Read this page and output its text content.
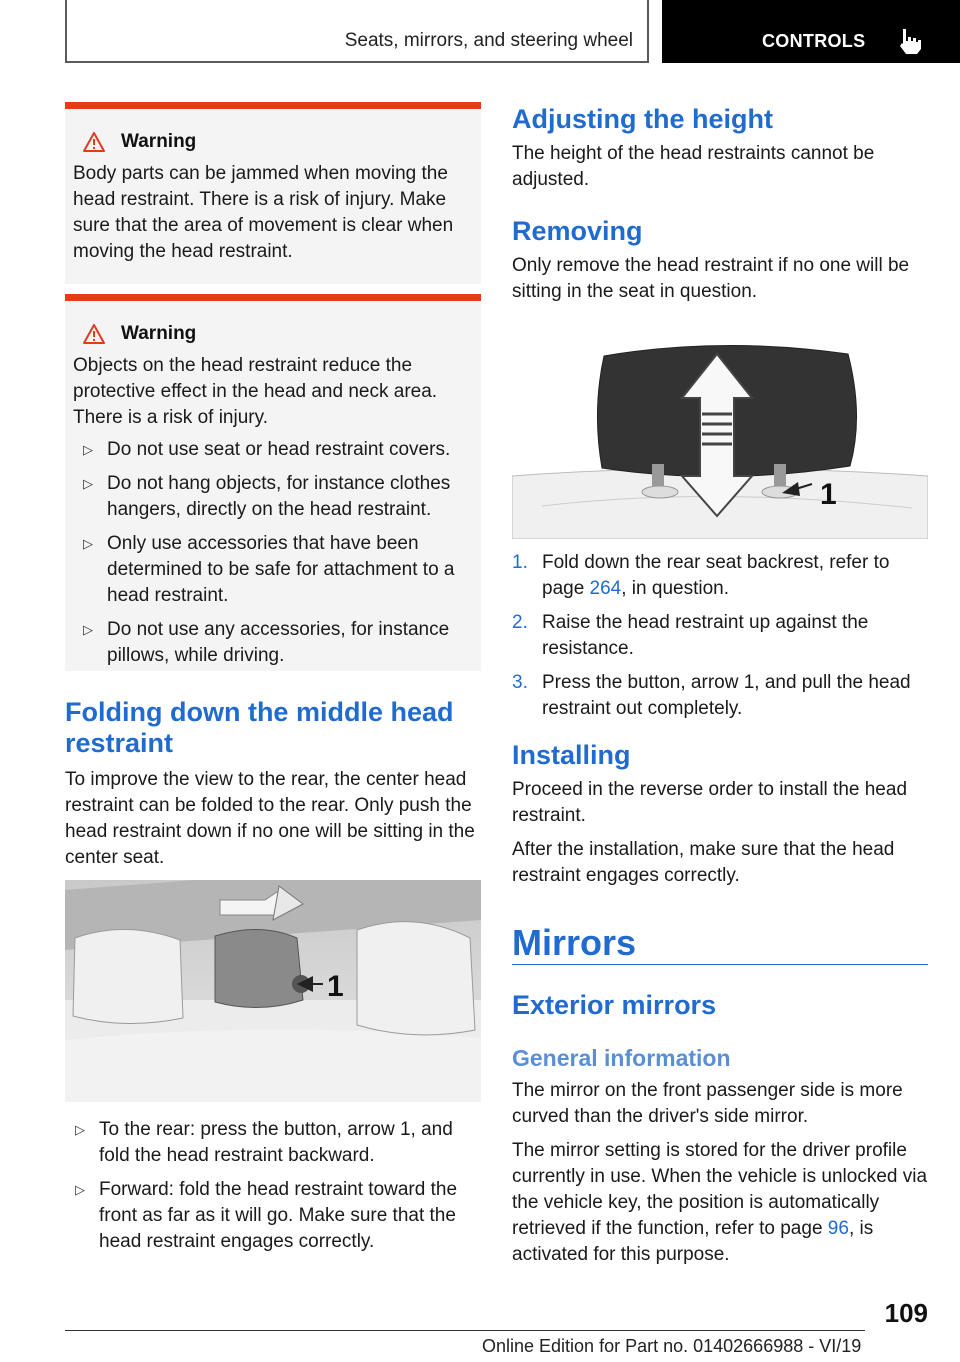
Seats, mirrors, and steering wheel	CONTROLS
Warning

Body parts can be jammed when moving the head restraint. There is a risk of injury. Make sure that the area of movement is clear when moving the head restraint.

Warning

Objects on the head restraint reduce the protective effect in the head and neck area. There is a risk of injury.

▷ Do not use seat or head restraint covers.
▷ Do not hang objects, for instance clothes hangers, directly on the head restraint.
▷ Only use accessories that have been determined to be safe for attachment to a head restraint.
▷ Do not use any accessories, for instance pillows, while driving.
Folding down the middle head restraint

To improve the view to the rear, the center head restraint can be folded to the rear. Only push the head restraint down if no one will be sitting in the center seat.

1
▷ To the rear: press the button, arrow 1, and fold the head restraint backward.
▷ Forward: fold the head restraint toward the front as far as it will go. Make sure that the head restraint engages correctly.
Adjusting the height

The height of the head restraints cannot be adjusted.

Removing

Only remove the head restraint if no one will be sitting in the seat in question.

1
1. Fold down the rear seat backrest, refer to page 264, in question.
2. Raise the head restraint up against the resistance.
3. Press the button, arrow 1, and pull the head restraint out completely.
Installing

Proceed in the reverse order to install the head restraint.

After the installation, make sure that the head restraint engages correctly.

Mirrors
Exterior mirrors
General information

The mirror on the front passenger side is more curved than the driver's side mirror.

The mirror setting is stored for the driver profile currently in use. When the vehicle is unlocked via the vehicle key, the position is automatically retrieved if the function, refer to page 96, is activated for this purpose.

109
Online Edition for Part no. 01402666988 - VI/19
